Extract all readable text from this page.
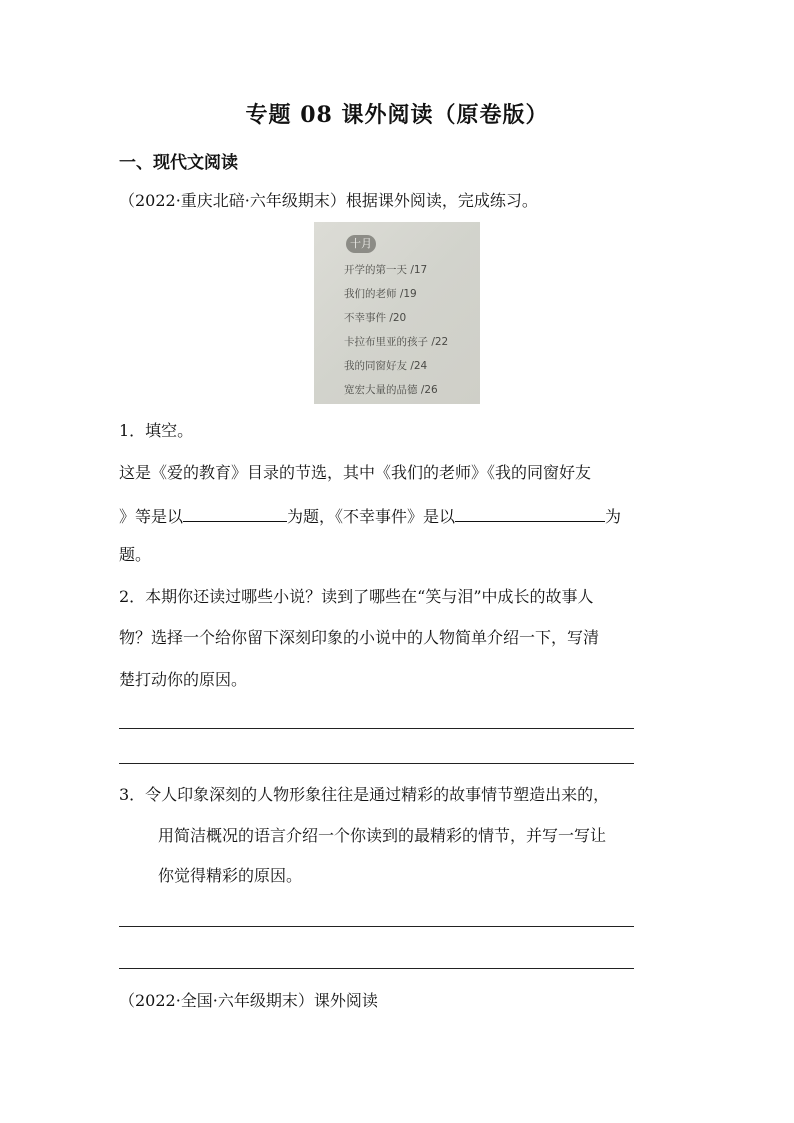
专题 08 课外阅读（原卷版）
一、现代文阅读
（2022·重庆北碚·六年级期末）根据课外阅读，完成练习。
十月
开学的第一天 /17
我们的老师 /19
不幸事件 /20
卡拉布里亚的孩子 /22
我的同窗好友 /24
宽宏大量的品德 /26
1．填空。
这是《爱的教育》目录的节选，其中《我们的老师》《我的同窗好友
》等是以	为题，《不幸事件》是以	为
题。
2．本期你还读过哪些小说？读到了哪些在“笑与泪”中成长的故事人
物？选择一个给你留下深刻印象的小说中的人物简单介绍一下，写清
楚打动你的原因。
3．令人印象深刻的人物形象往往是通过精彩的故事情节塑造出来的，
用简洁概况的语言介绍一个你读到的最精彩的情节，并写一写让
你觉得精彩的原因。
（2022·全国·六年级期末）课外阅读
